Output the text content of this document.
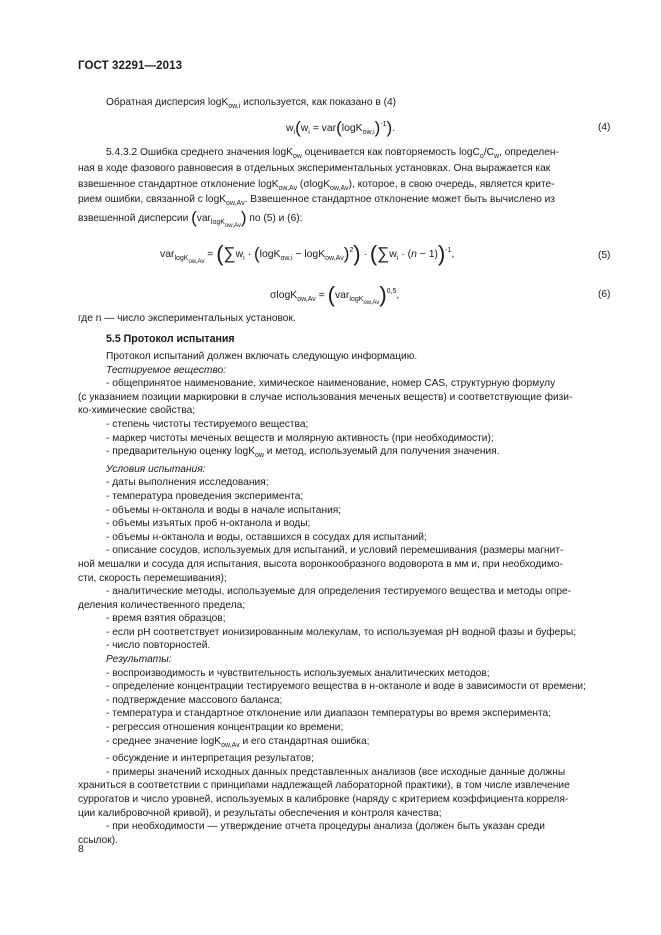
ГОСТ 32291—2013
Обратная дисперсия logK$_{ow,i}$ используется, как показано в (4)
$w_i(w_i = var(\log K_{ow,i})^{-1})$.	(4)
5.4.3.2 Ошибка среднего значения logK$_{ow}$ оценивается как повторяемость $\log C_o/C_w$, определен-
ная в ходе фазового равновесия в отдельных экспериментальных установках. Она выражается как
взвешенное стандартное отклонение logK$_{ow,Av}$ (σlogK$_{ow,Av}$), которое, в свою очередь, является крите-
рием ошибки, связанной с logK$_{ow,Av}$. Взвешенное стандартное отклонение может быть вычислено из
взвешенной дисперсии (var$_{logK_{ow,Av}}$) по (5) и (6):
$var_{logK_{ow,Av}} = (\sum w_i \cdot (\log K_{ow,i} - \log K_{ow,Av})^2) \cdot (\sum w_i \cdot (n - 1))^{-1}$,	(5)
$\sigma\log K_{ow,Av} = (var_{logK_{ow,Av}})^{0,5}$,	(6)
где n — число экспериментальных установок.
5.5 Протокол испытания
Протокол испытаний должен включать следующую информацию.
Тестируемое вещество:
- общепринятое наименование, химическое наименование, номер CAS, структурную формулу
(с указанием позиции маркировки в случае использования меченых веществ) и соответствующие физи-
ко-химические свойства;
- степень чистоты тестируемого вещества;
- маркер чистоты меченых веществ и молярную активность (при необходимости);
- предварительную оценку logK$_{ow}$ и метод, используемый для получения значения.
Условия испытания:
- даты выполнения исследования;
- температура проведения эксперимента;
- объемы н-октанола и воды в начале испытания;
- объемы изъятых проб н-октанола и воды;
- объемы н-октанола и воды, оставшихся в сосудах для испытаний;
- описание сосудов, используемых для испытаний, и условий перемешивания (размеры магнит-
ной мешалки и сосуда для испытания, высота воронкообразного водоворота в мм и, при необходимо-
сти, скорость перемешивания);
- аналитические методы, используемые для определения тестируемого вещества и методы опре-
деления количественного предела;
- время взятия образцов;
- если pH соответствует ионизированным молекулам, то используемая pH водной фазы и буферы;
- число повторностей.
Результаты:
- воспроизводимость и чувствительность используемых аналитических методов;
- определение концентрации тестируемого вещества в н-октаноле и воде в зависимости от времени;
- подтверждение массового баланса;
- температура и стандартное отклонение или диапазон температуры во время эксперимента;
- регрессия отношения концентрации ко времени;
- среднее значение logK$_{ow,Av}$ и его стандартная ошибка;
- обсуждение и интерпретация результатов;
- примеры значений исходных данных представленных анализов (все исходные данные должны
храниться в соответствии с принципами надлежащей лабораторной практики), в том числе извлечение
суррогатов и число уровней, используемых в калибровке (наряду с критерием коэффициента корреля-
ции калибровочной кривой), и результаты обеспечения и контроля качества;
- при необходимости — утверждение отчета процедуры анализа (должен быть указан среди
ссылок).
8
